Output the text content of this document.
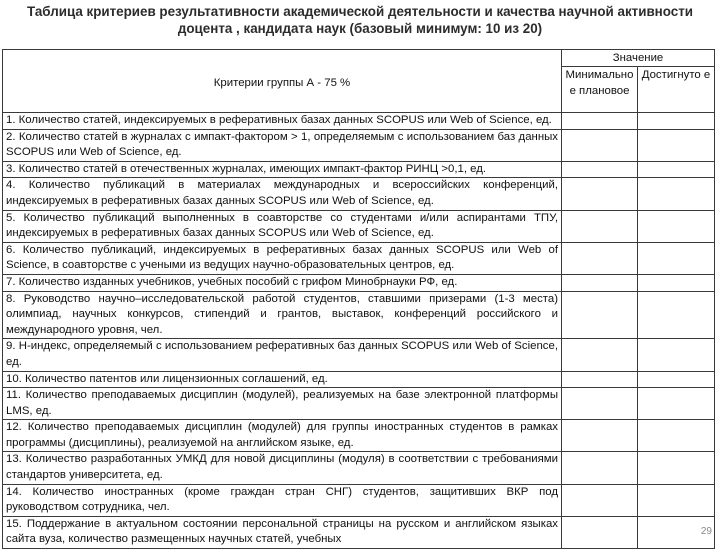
Таблица критериев результативности академической деятельности и качества научной активности
доцента , кандидата наук (базовый минимум: 10 из 20)
Критерии группы А - 75 %	Значение	
	Минимально е плановое	Достигнуто е
1. Количество статей, индексируемых в реферативных базах данных SCOPUS или Web of Science, ед.		
2. Количество статей в журналах с импакт-фактором > 1, определяемым с использованием баз данных SCOPUS или Web of Science, ед.		
3. Количество статей в отечественных журналах, имеющих импакт-фактор РИНЦ >0,1, ед.		
4. Количество публикаций в материалах международных и всероссийских конференций, индексируемых в реферативных базах данных SCOPUS или Web of Science, ед.		
5. Количество публикаций выполненных в соавторстве со студентами и/или аспирантами ТПУ, индексируемых в реферативных базах данных SCOPUS или Web of Science, ед.		
6. Количество публикаций, индексируемых в реферативных базах данных SCOPUS или Web of Science, в соавторстве с учеными из ведущих научно-образовательных центров, ед.		
7. Количество изданных учебников, учебных пособий с грифом Минобрнауки РФ, ед.		
8. Руководство научно–исследовательской работой студентов, ставшими призерами (1-3 места) олимпиад, научных конкурсов, стипендий и грантов, выставок, конференций российского и международного уровня, чел.		
9. Н-индекс, определяемый с использованием реферативных баз данных SCOPUS или Web of Science, ед.		
10. Количество патентов или лицензионных соглашений, ед.		
11. Количество преподаваемых дисциплин (модулей), реализуемых на базе электронной платформы LMS, ед.		
12. Количество преподаваемых дисциплин (модулей) для группы иностранных студентов в рамках программы (дисциплины), реализуемой на английском языке, ед.		
13. Количество разработанных УМКД для новой дисциплины (модуля) в соответствии с требованиями стандартов университета, ед.		
14. Количество иностранных (кроме граждан стран СНГ) студентов, защитивших ВКР под руководством сотрудника, чел.		
15. Поддержание в актуальном состоянии персональной страницы на русском и английском языках сайта вуза, количество размещенных научных статей, учебных		
29
